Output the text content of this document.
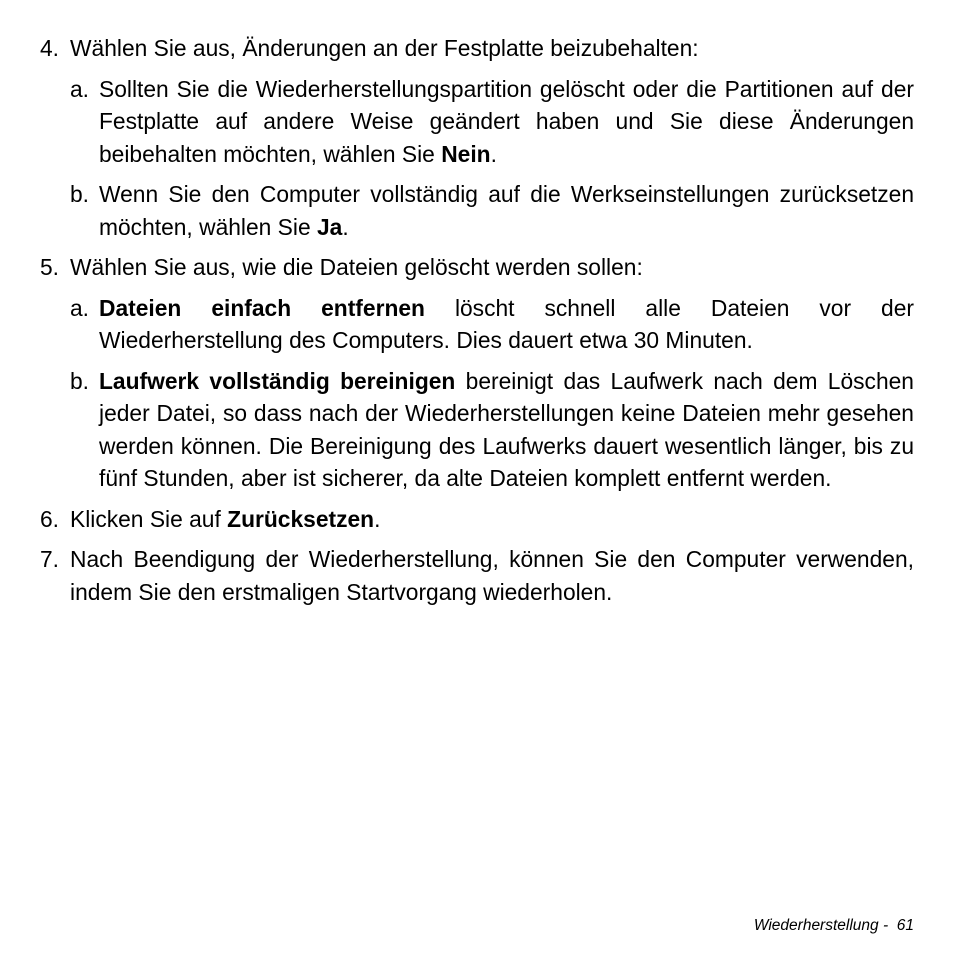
4. Wählen Sie aus, Änderungen an der Festplatte beizubehalten:
a. Sollten Sie die Wiederherstellungspartition gelöscht oder die Partitionen auf der Festplatte auf andere Weise geändert haben und Sie diese Änderungen beibehalten möchten, wählen Sie Nein.
b. Wenn Sie den Computer vollständig auf die Werkseinstellungen zurücksetzen möchten, wählen Sie Ja.
5. Wählen Sie aus, wie die Dateien gelöscht werden sollen:
a. Dateien einfach entfernen löscht schnell alle Dateien vor der Wiederherstellung des Computers. Dies dauert etwa 30 Minuten.
b. Laufwerk vollständig bereinigen bereinigt das Laufwerk nach dem Löschen jeder Datei, so dass nach der Wiederherstellungen keine Dateien mehr gesehen werden können. Die Bereinigung des Laufwerks dauert wesentlich länger, bis zu fünf Stunden, aber ist sicherer, da alte Dateien komplett entfernt werden.
6. Klicken Sie auf Zurücksetzen.
7. Nach Beendigung der Wiederherstellung, können Sie den Computer verwenden, indem Sie den erstmaligen Startvorgang wiederholen.
Wiederherstellung - 61
